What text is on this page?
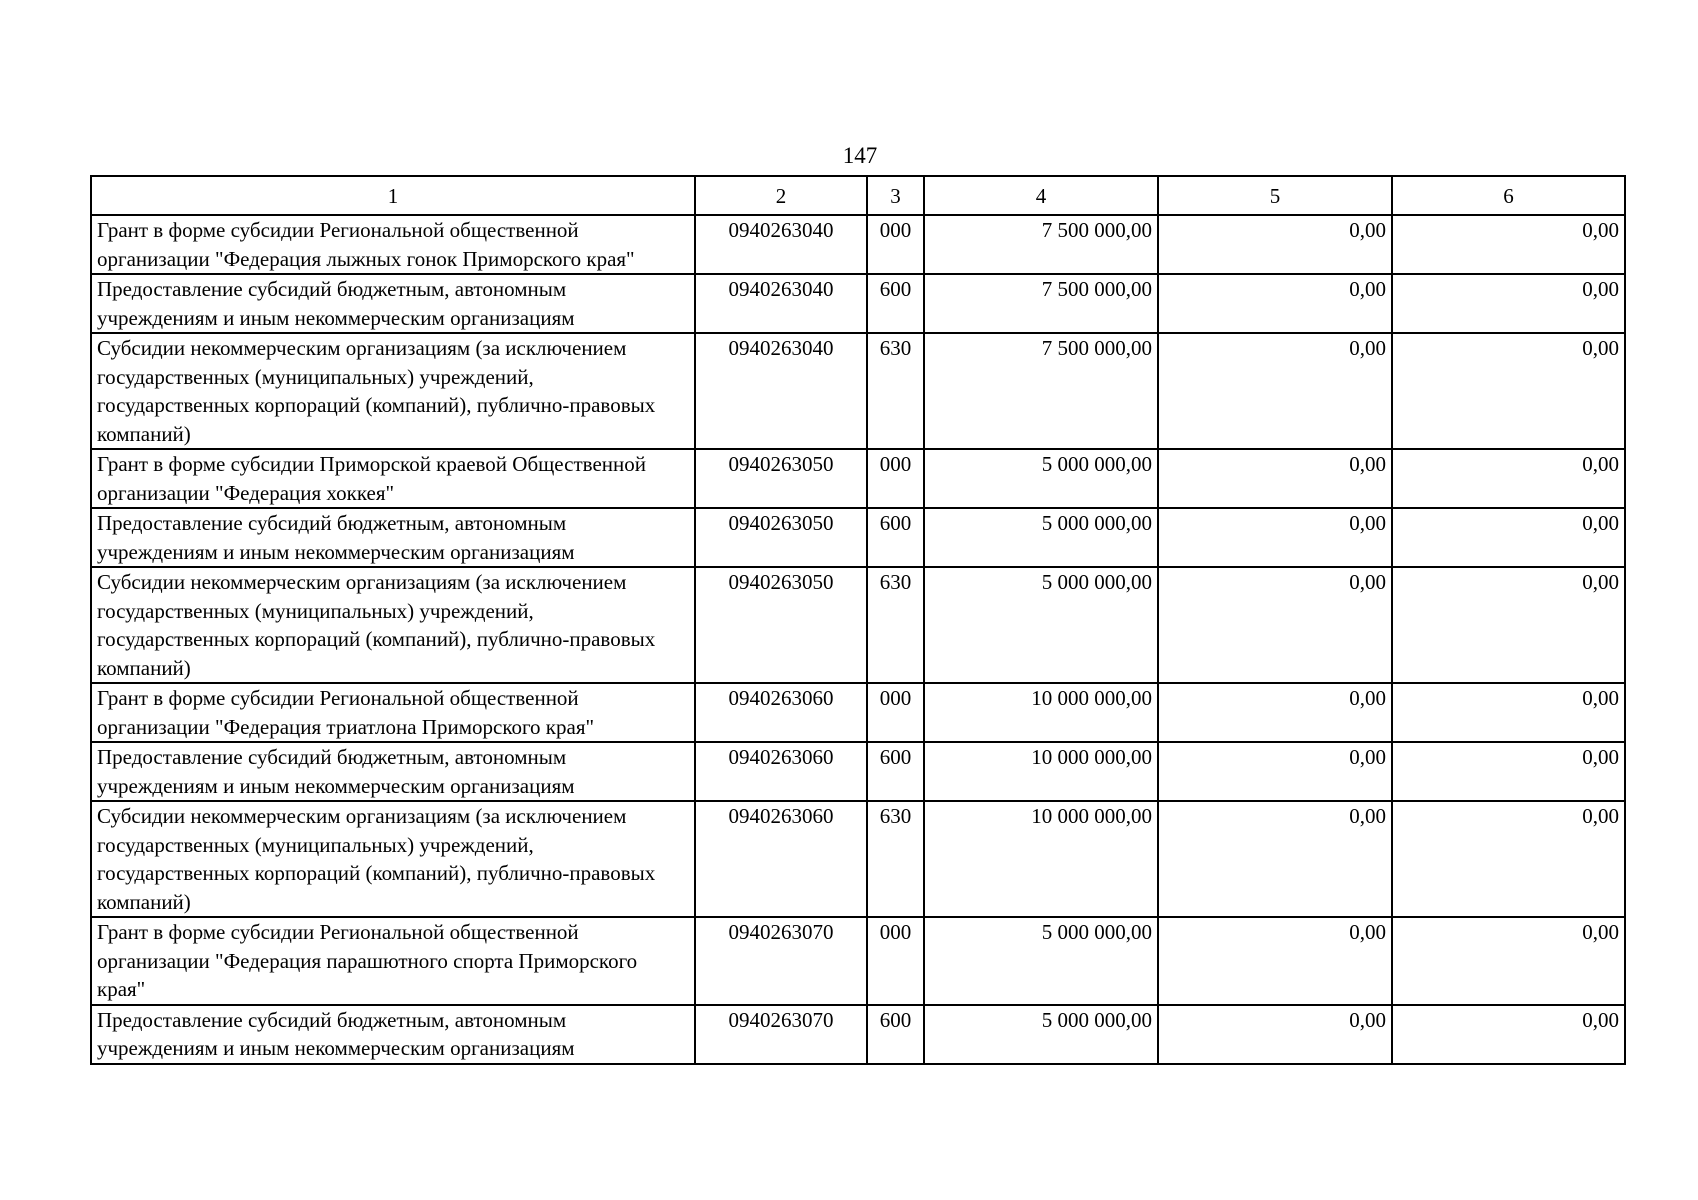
147
1	2	3	4	5	6
Грант в форме субсидии Региональной общественной организации "Федерация лыжных гонок Приморского края"	0940263040	000	7 500 000,00	0,00	0,00
Предоставление субсидий бюджетным, автономным учреждениям и иным некоммерческим организациям	0940263040	600	7 500 000,00	0,00	0,00
Субсидии некоммерческим организациям (за исключением государственных (муниципальных) учреждений, государственных корпораций (компаний), публично-правовых компаний)	0940263040	630	7 500 000,00	0,00	0,00
Грант в форме субсидии Приморской краевой Общественной организации "Федерация хоккея"	0940263050	000	5 000 000,00	0,00	0,00
Предоставление субсидий бюджетным, автономным учреждениям и иным некоммерческим организациям	0940263050	600	5 000 000,00	0,00	0,00
Субсидии некоммерческим организациям (за исключением государственных (муниципальных) учреждений, государственных корпораций (компаний), публично-правовых компаний)	0940263050	630	5 000 000,00	0,00	0,00
Грант в форме субсидии Региональной общественной организации "Федерация триатлона Приморского края"	0940263060	000	10 000 000,00	0,00	0,00
Предоставление субсидий бюджетным, автономным учреждениям и иным некоммерческим организациям	0940263060	600	10 000 000,00	0,00	0,00
Субсидии некоммерческим организациям (за исключением государственных (муниципальных) учреждений, государственных корпораций (компаний), публично-правовых компаний)	0940263060	630	10 000 000,00	0,00	0,00
Грант в форме субсидии Региональной общественной организации "Федерация парашютного спорта Приморского края"	0940263070	000	5 000 000,00	0,00	0,00
Предоставление субсидий бюджетным, автономным учреждениям и иным некоммерческим организациям	0940263070	600	5 000 000,00	0,00	0,00
